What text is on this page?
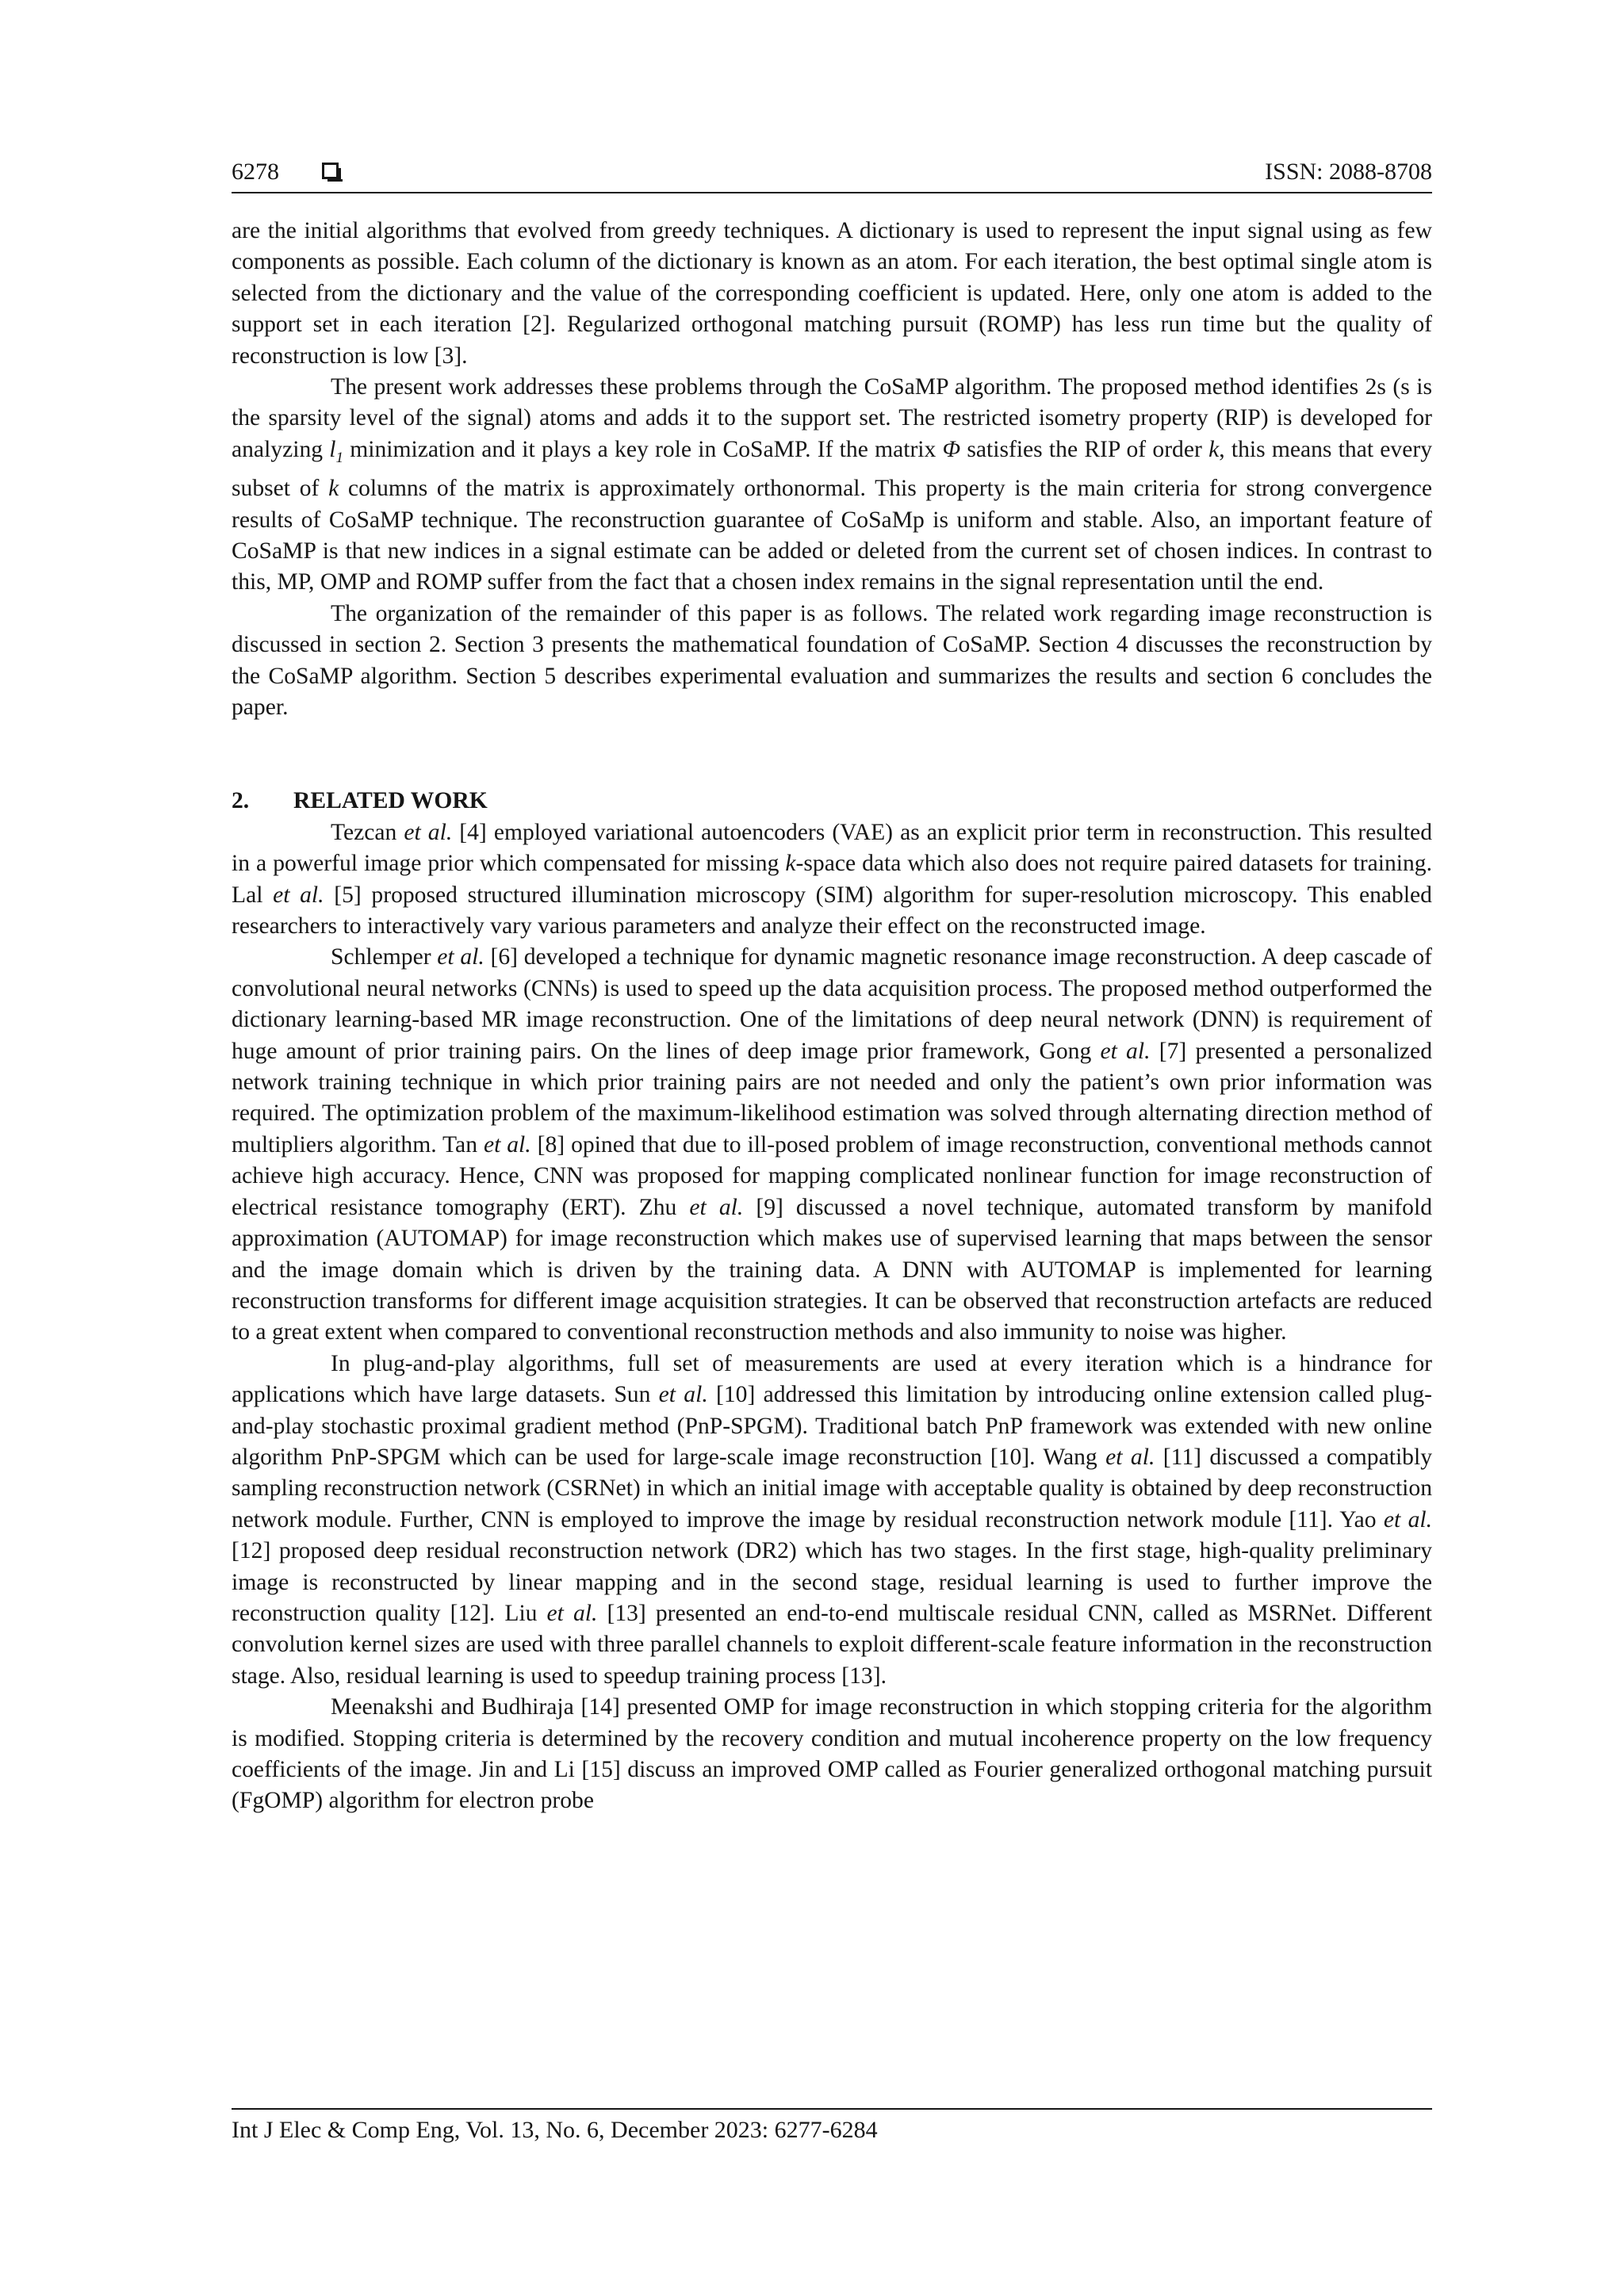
6278	ISSN: 2088-8708

are the initial algorithms that evolved from greedy techniques. A dictionary is used to represent the input signal using as few components as possible. Each column of the dictionary is known as an atom. For each iteration, the best optimal single atom is selected from the dictionary and the value of the corresponding coefficient is updated. Here, only one atom is added to the support set in each iteration [2]. Regularized orthogonal matching pursuit (ROMP) has less run time but the quality of reconstruction is low [3].

The present work addresses these problems through the CoSaMP algorithm. The proposed method identifies 2s (s is the sparsity level of the signal) atoms and adds it to the support set. The restricted isometry property (RIP) is developed for analyzing $l_1$ minimization and it plays a key role in CoSaMP. If the matrix Φ satisfies the RIP of order k, this means that every subset of k columns of the matrix is approximately orthonormal. This property is the main criteria for strong convergence results of CoSaMP technique. The reconstruction guarantee of CoSaMp is uniform and stable. Also, an important feature of CoSaMP is that new indices in a signal estimate can be added or deleted from the current set of chosen indices. In contrast to this, MP, OMP and ROMP suffer from the fact that a chosen index remains in the signal representation until the end.

The organization of the remainder of this paper is as follows. The related work regarding image reconstruction is discussed in section 2. Section 3 presents the mathematical foundation of CoSaMP. Section 4 discusses the reconstruction by the CoSaMP algorithm. Section 5 describes experimental evaluation and summarizes the results and section 6 concludes the paper.

2. RELATED WORK

Tezcan et al. [4] employed variational autoencoders (VAE) as an explicit prior term in reconstruction. This resulted in a powerful image prior which compensated for missing k-space data which also does not require paired datasets for training. Lal et al. [5] proposed structured illumination microscopy (SIM) algorithm for super-resolution microscopy. This enabled researchers to interactively vary various parameters and analyze their effect on the reconstructed image.

Schlemper et al. [6] developed a technique for dynamic magnetic resonance image reconstruction. A deep cascade of convolutional neural networks (CNNs) is used to speed up the data acquisition process. The proposed method outperformed the dictionary learning-based MR image reconstruction. One of the limitations of deep neural network (DNN) is requirement of huge amount of prior training pairs. On the lines of deep image prior framework, Gong et al. [7] presented a personalized network training technique in which prior training pairs are not needed and only the patient’s own prior information was required. The optimization problem of the maximum-likelihood estimation was solved through alternating direction method of multipliers algorithm. Tan et al. [8] opined that due to ill-posed problem of image reconstruction, conventional methods cannot achieve high accuracy. Hence, CNN was proposed for mapping complicated nonlinear function for image reconstruction of electrical resistance tomography (ERT). Zhu et al. [9] discussed a novel technique, automated transform by manifold approximation (AUTOMAP) for image reconstruction which makes use of supervised learning that maps between the sensor and the image domain which is driven by the training data. A DNN with AUTOMAP is implemented for learning reconstruction transforms for different image acquisition strategies. It can be observed that reconstruction artefacts are reduced to a great extent when compared to conventional reconstruction methods and also immunity to noise was higher.

In plug-and-play algorithms, full set of measurements are used at every iteration which is a hindrance for applications which have large datasets. Sun et al. [10] addressed this limitation by introducing online extension called plug-and-play stochastic proximal gradient method (PnP-SPGM). Traditional batch PnP framework was extended with new online algorithm PnP-SPGM which can be used for large-scale image reconstruction [10]. Wang et al. [11] discussed a compatibly sampling reconstruction network (CSRNet) in which an initial image with acceptable quality is obtained by deep reconstruction network module. Further, CNN is employed to improve the image by residual reconstruction network module [11]. Yao et al. [12] proposed deep residual reconstruction network (DR2) which has two stages. In the first stage, high-quality preliminary image is reconstructed by linear mapping and in the second stage, residual learning is used to further improve the reconstruction quality [12]. Liu et al. [13] presented an end-to-end multiscale residual CNN, called as MSRNet. Different convolution kernel sizes are used with three parallel channels to exploit different-scale feature information in the reconstruction stage. Also, residual learning is used to speedup training process [13].

Meenakshi and Budhiraja [14] presented OMP for image reconstruction in which stopping criteria for the algorithm is modified. Stopping criteria is determined by the recovery condition and mutual incoherence property on the low frequency coefficients of the image. Jin and Li [15] discuss an improved OMP called as Fourier generalized orthogonal matching pursuit (FgOMP) algorithm for electron probe

Int J Elec & Comp Eng, Vol. 13, No. 6, December 2023: 6277-6284
